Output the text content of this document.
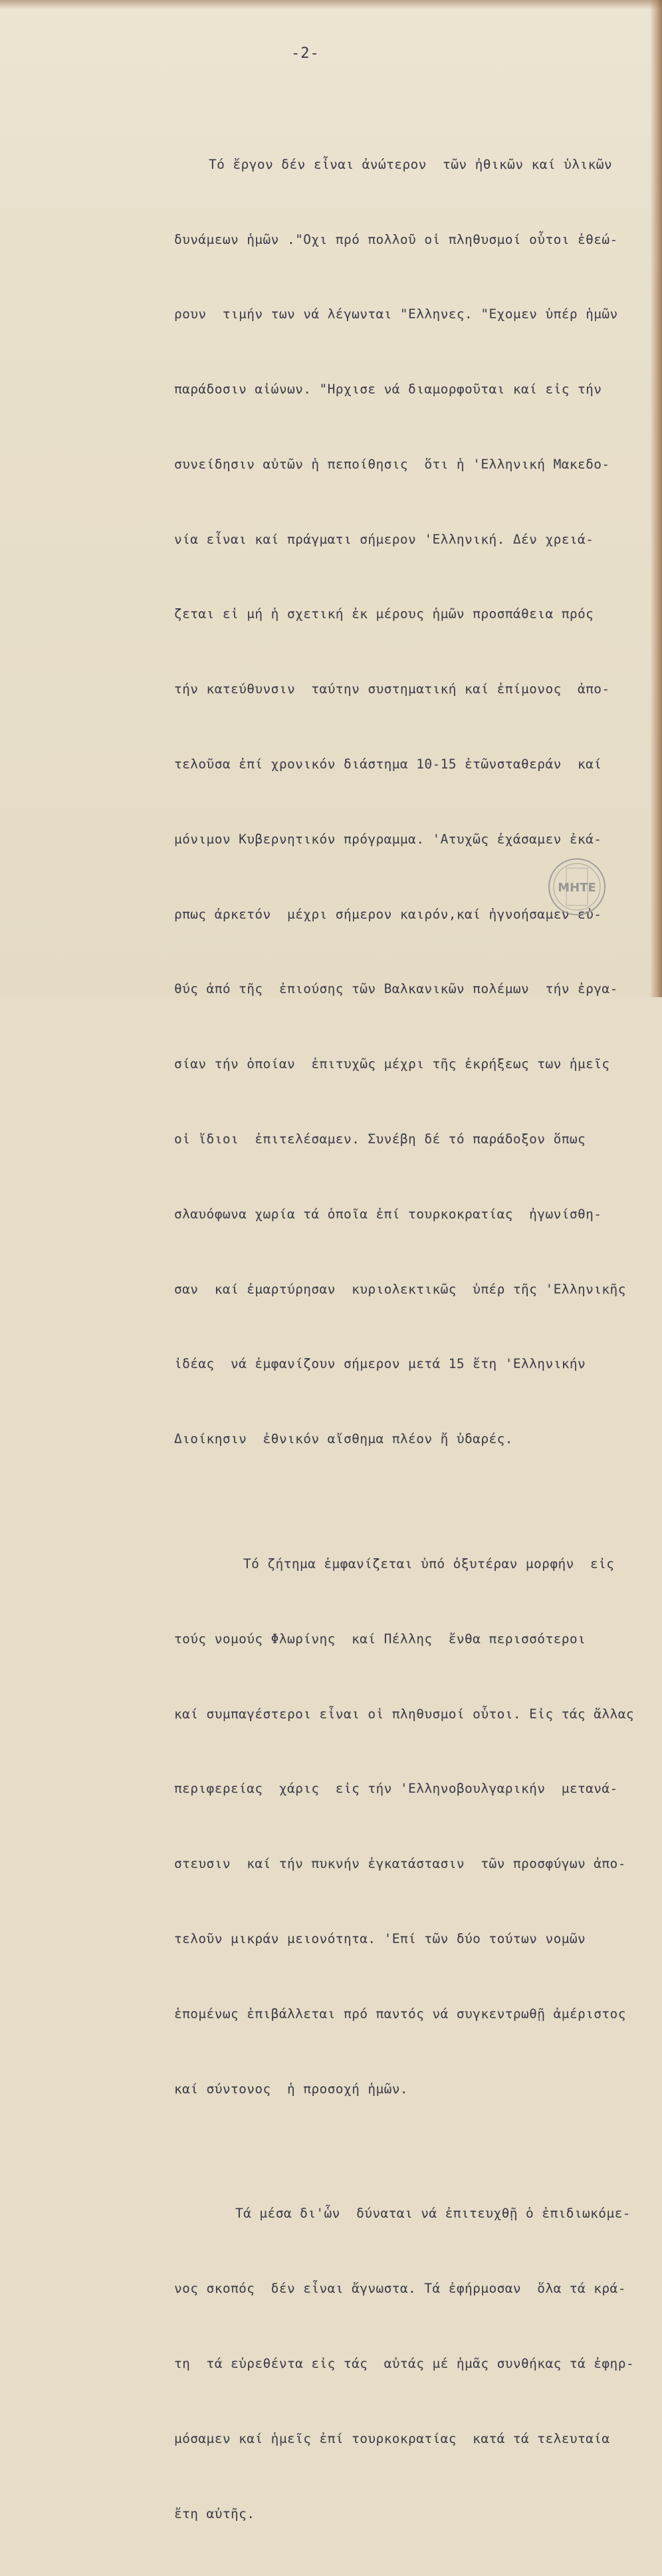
-2-

Τό ἔργον δέν εἶναι ἀνώτερον  τῶν ἠθικῶν καί ὑλικῶν

δυνάμεων ἡμῶν ."Οχι πρό πολλοῦ οἱ πληθυσμοί οὗτοι ἐθεώ-

ρουν  τιμήν των νά λέγωνται "Ελληνες. "Εχομεν ὑπέρ ἡμῶν

παράδοσιν αἰώνων. "Ηρχισε νά διαμορφοῦται καί εἰς τήν

συνείδησιν αὐτῶν ἡ πεποίθησις  ὅτι ἡ 'Ελληνική Μακεδο-

νία εἶναι καί πράγματι σήμερον 'Ελληνική. Δέν χρειά-

ζεται εἰ μή ἡ σχετική ἐκ μέρους ἡμῶν προσπάθεια πρός

τήν κατεύθυνσιν  ταύτην συστηματική καί ἐπίμονος  ἀπο-

τελοῦσα ἐπί χρονικόν διάστημα 10-15 ἐτῶνσταθεράν  καί

μόνιμον Κυβερνητικόν πρόγραμμα. 'Ατυχῶς ἐχάσαμεν ἐκά-

ρπως ἀρκετόν  μέχρι σήμερον καιρόν,καί ἠγνοήσαμεν εὐ-

θύς ἀπό τῆς  ἐπιούσης τῶν Βαλκανικῶν πολέμων  τήν ἐργα-

σίαν τήν ὁποίαν  ἐπιτυχῶς μέχρι τῆς ἐκρήξεως των ἡμεῖς

οἱ ἴδιοι  ἐπιτελέσαμεν. Συνέβη δέ τό παράδοξον ὅπως

σλαυόφωνα χωρία τά ὁποῖα ἐπί τουρκοκρατίας  ἠγωνίσθη-

σαν  καί ἐμαρτύρησαν  κυριολεκτικῶς  ὑπέρ τῆς 'Ελληνικῆς

ἰδέας  νά ἐμφανίζουν σήμερον μετά 15 ἔτη 'Ελληνικήν

Διοίκησιν  ἐθνικόν αἴσθημα πλέον ἤ ὑδαρές.

Τό ζήτημα ἐμφανίζεται ὑπό ὀξυτέραν μορφήν  εἰς

τούς νομούς Φλωρίνης  καί Πέλλης  ἔνθα περισσότεροι

καί συμπαγέστεροι εἶναι οἱ πληθυσμοί οὗτοι. Εἰς τάς ἄλλας

περιφερείας  χάρις  εἰς τήν 'Ελληνοβουλγαρικήν  μετανά-

στευσιν  καί τήν πυκνήν ἐγκατάστασιν  τῶν προσφύγων ἀπο-

τελοῦν μικράν μειονότητα. 'Επί τῶν δύο τούτων νομῶν

ἑπομένως ἐπιβάλλεται πρό παντός νά συγκεντρωθῇ ἀμέριστος

καί σύντονος  ἡ προσοχή ἡμῶν.

Τά μέσα δι'ὧν  δύναται νά ἐπιτευχθῇ ὁ ἐπιδιωκόμε-

νος σκοπός  δέν εἶναι ἄγνωστα. Τά ἐφήρμοσαν  ὅλα τά κρά-

τη  τά εὑρεθέντα εἰς τάς  αὐτάς μέ ἡμᾶς συνθήκας τά ἐφηρ-

μόσαμεν καί ἡμεῖς ἐπί τουρκοκρατίας  κατά τά τελευταία

ἔτη αὐτῆς.

ΜΗΤΕ
